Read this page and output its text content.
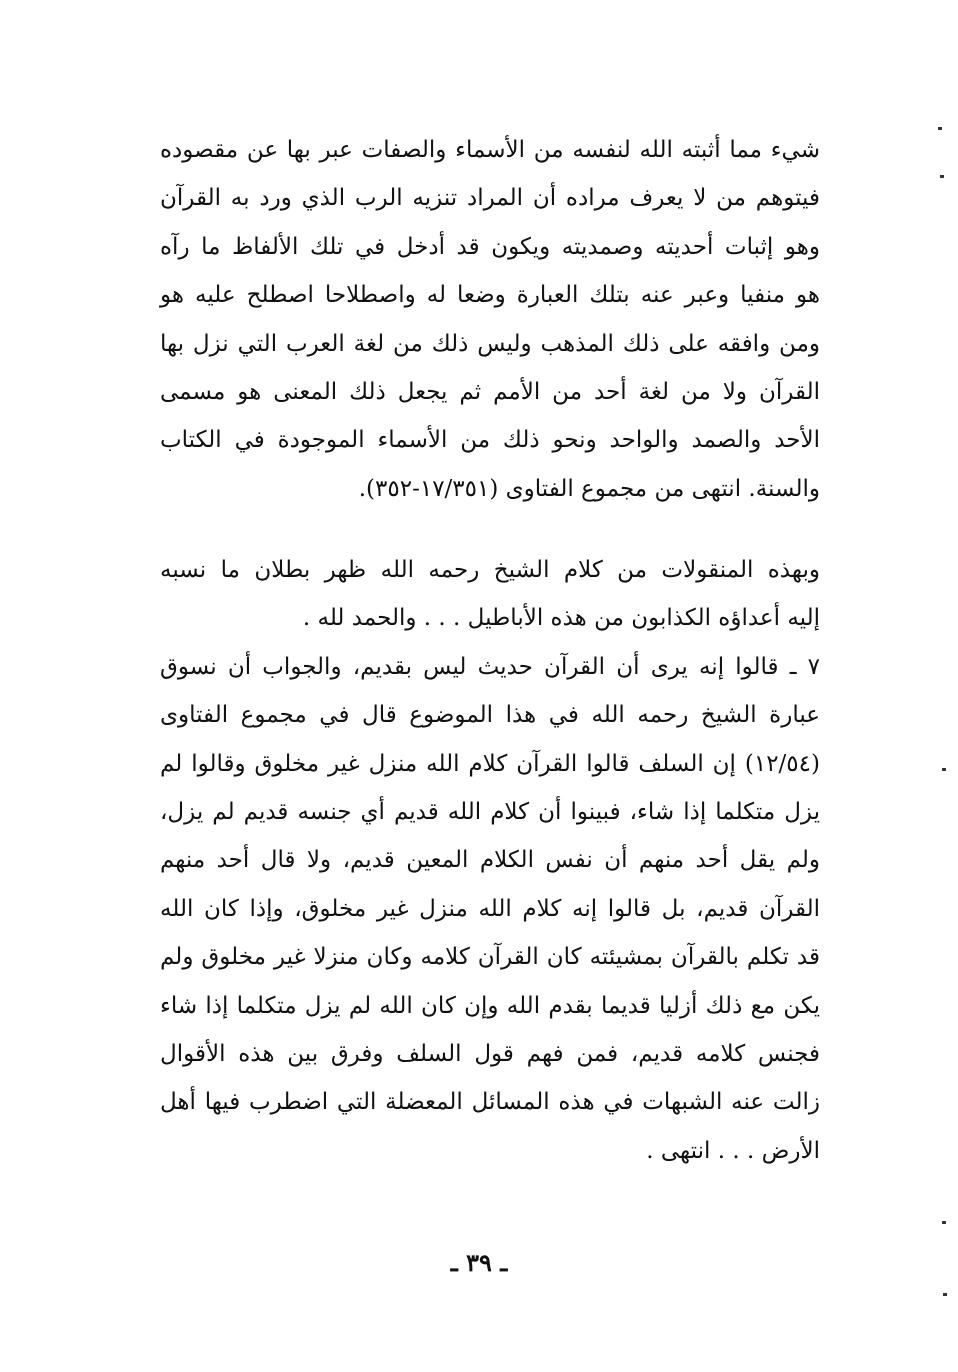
شيء مما أثبته الله لنفسه من الأسماء والصفات عبر بها عن مقصوده
فيتوهم من لا يعرف مراده أن المراد تنزيه الرب الذي ورد به القرآن
وهو إثبات أحديته وصمديته ويكون قد أدخل في تلك الألفاظ ما رآه
هو منفيا وعبر عنه بتلك العبارة وضعا له واصطلاحا اصطلح عليه هو
ومن وافقه على ذلك المذهب وليس ذلك من لغة العرب التي نزل بها
القرآن ولا من لغة أحد من الأمم ثم يجعل ذلك المعنى هو مسمى
الأحد والصمد والواحد ونحو ذلك من الأسماء الموجودة في الكتاب
والسنة. انتهى من مجموع الفتاوى (١٧/٣٥١-٣٥٢).
وبهذه المنقولات من كلام الشيخ رحمه الله ظهر بطلان ما نسبه
إليه أعداؤه الكذابون من هذه الأباطيل . . . والحمد لله .
٧ ـ قالوا إنه يرى أن القرآن حديث ليس بقديم، والجواب أن نسوق
عبارة الشيخ رحمه الله في هذا الموضوع قال في مجموع الفتاوى
(١٢/٥٤) إن السلف قالوا القرآن كلام الله منزل غير مخلوق وقالوا لم
يزل متكلما إذا شاء، فبينوا أن كلام الله قديم أي جنسه قديم لم يزل،
ولم يقل أحد منهم أن نفس الكلام المعين قديم، ولا قال أحد منهم
القرآن قديم، بل قالوا إنه كلام الله منزل غير مخلوق، وإذا كان الله
قد تكلم بالقرآن بمشيئته كان القرآن كلامه وكان منزلا غير مخلوق ولم
يكن مع ذلك أزليا قديما بقدم الله وإن كان الله لم يزل متكلما إذا شاء
فجنس كلامه قديم، فمن فهم قول السلف وفرق بين هذه الأقوال
زالت عنه الشبهات في هذه المسائل المعضلة التي اضطرب فيها أهل
الأرض . . . انتهى .
ـ ٣٩ ـ
